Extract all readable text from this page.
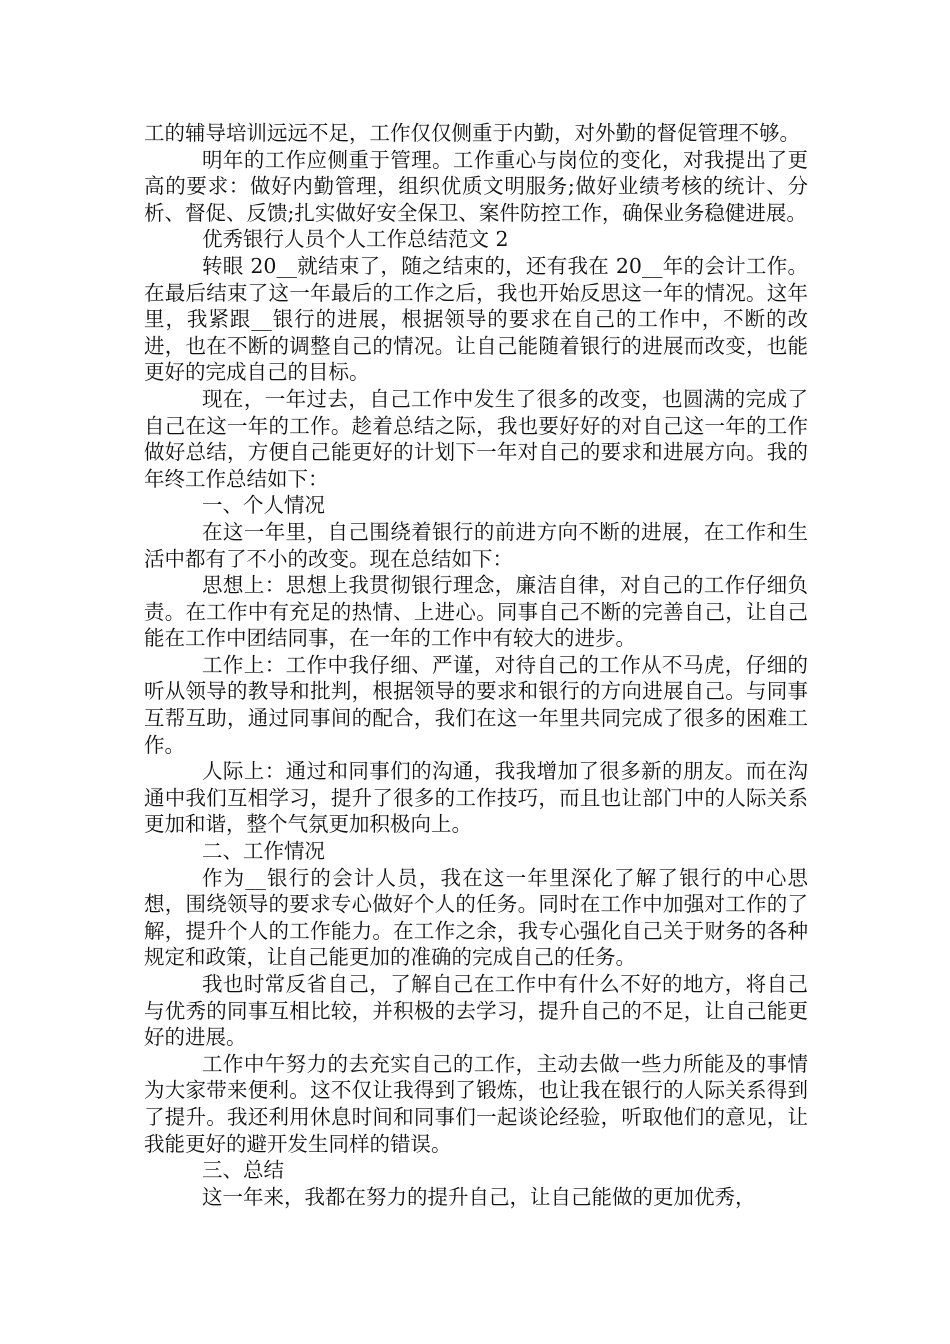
工的辅导培训远远不足，工作仅仅侧重于内勤，对外勤的督促管理不够。

明年的工作应侧重于管理。工作重心与岗位的变化，对我提出了更高的要求：做好内勤管理，组织优质文明服务;做好业绩考核的统计、分析、督促、反馈;扎实做好安全保卫、案件防控工作，确保业务稳健进展。

优秀银行人员个人工作总结范文 2

转眼 20__就结束了，随之结束的，还有我在 20__年的会计工作。在最后结束了这一年最后的工作之后，我也开始反思这一年的情况。这年里，我紧跟__银行的进展，根据领导的要求在自己的工作中，不断的改进，也在不断的调整自己的情况。让自己能随着银行的进展而改变，也能更好的完成自己的目标。

现在，一年过去，自己工作中发生了很多的改变，也圆满的完成了自己在这一年的工作。趁着总结之际，我也要好好的对自己这一年的工作做好总结，方便自己能更好的计划下一年对自己的要求和进展方向。我的年终工作总结如下：

一、个人情况

在这一年里，自己围绕着银行的前进方向不断的进展，在工作和生活中都有了不小的改变。现在总结如下：

思想上：思想上我贯彻银行理念，廉洁自律，对自己的工作仔细负责。在工作中有充足的热情、上进心。同事自己不断的完善自己，让自己能在工作中团结同事，在一年的工作中有较大的进步。

工作上：工作中我仔细、严谨，对待自己的工作从不马虎，仔细的听从领导的教导和批判，根据领导的要求和银行的方向进展自己。与同事互帮互助，通过同事间的配合，我们在这一年里共同完成了很多的困难工作。

人际上：通过和同事们的沟通，我我增加了很多新的朋友。而在沟通中我们互相学习，提升了很多的工作技巧，而且也让部门中的人际关系更加和谐，整个气氛更加积极向上。

二、工作情况

作为__银行的会计人员，我在这一年里深化了解了银行的中心思想，围绕领导的要求专心做好个人的任务。同时在工作中加强对工作的了解，提升个人的工作能力。在工作之余，我专心强化自己关于财务的各种规定和政策，让自己能更加的准确的完成自己的任务。

我也时常反省自己，了解自己在工作中有什么不好的地方，将自己与优秀的同事互相比较，并积极的去学习，提升自己的不足，让自己能更好的进展。

工作中午努力的去充实自己的工作，主动去做一些力所能及的事情为大家带来便利。这不仅让我得到了锻炼，也让我在银行的人际关系得到了提升。我还利用休息时间和同事们一起谈论经验，听取他们的意见，让我能更好的避开发生同样的错误。

三、总结

这一年来，我都在努力的提升自己，让自己能做的更加优秀，
